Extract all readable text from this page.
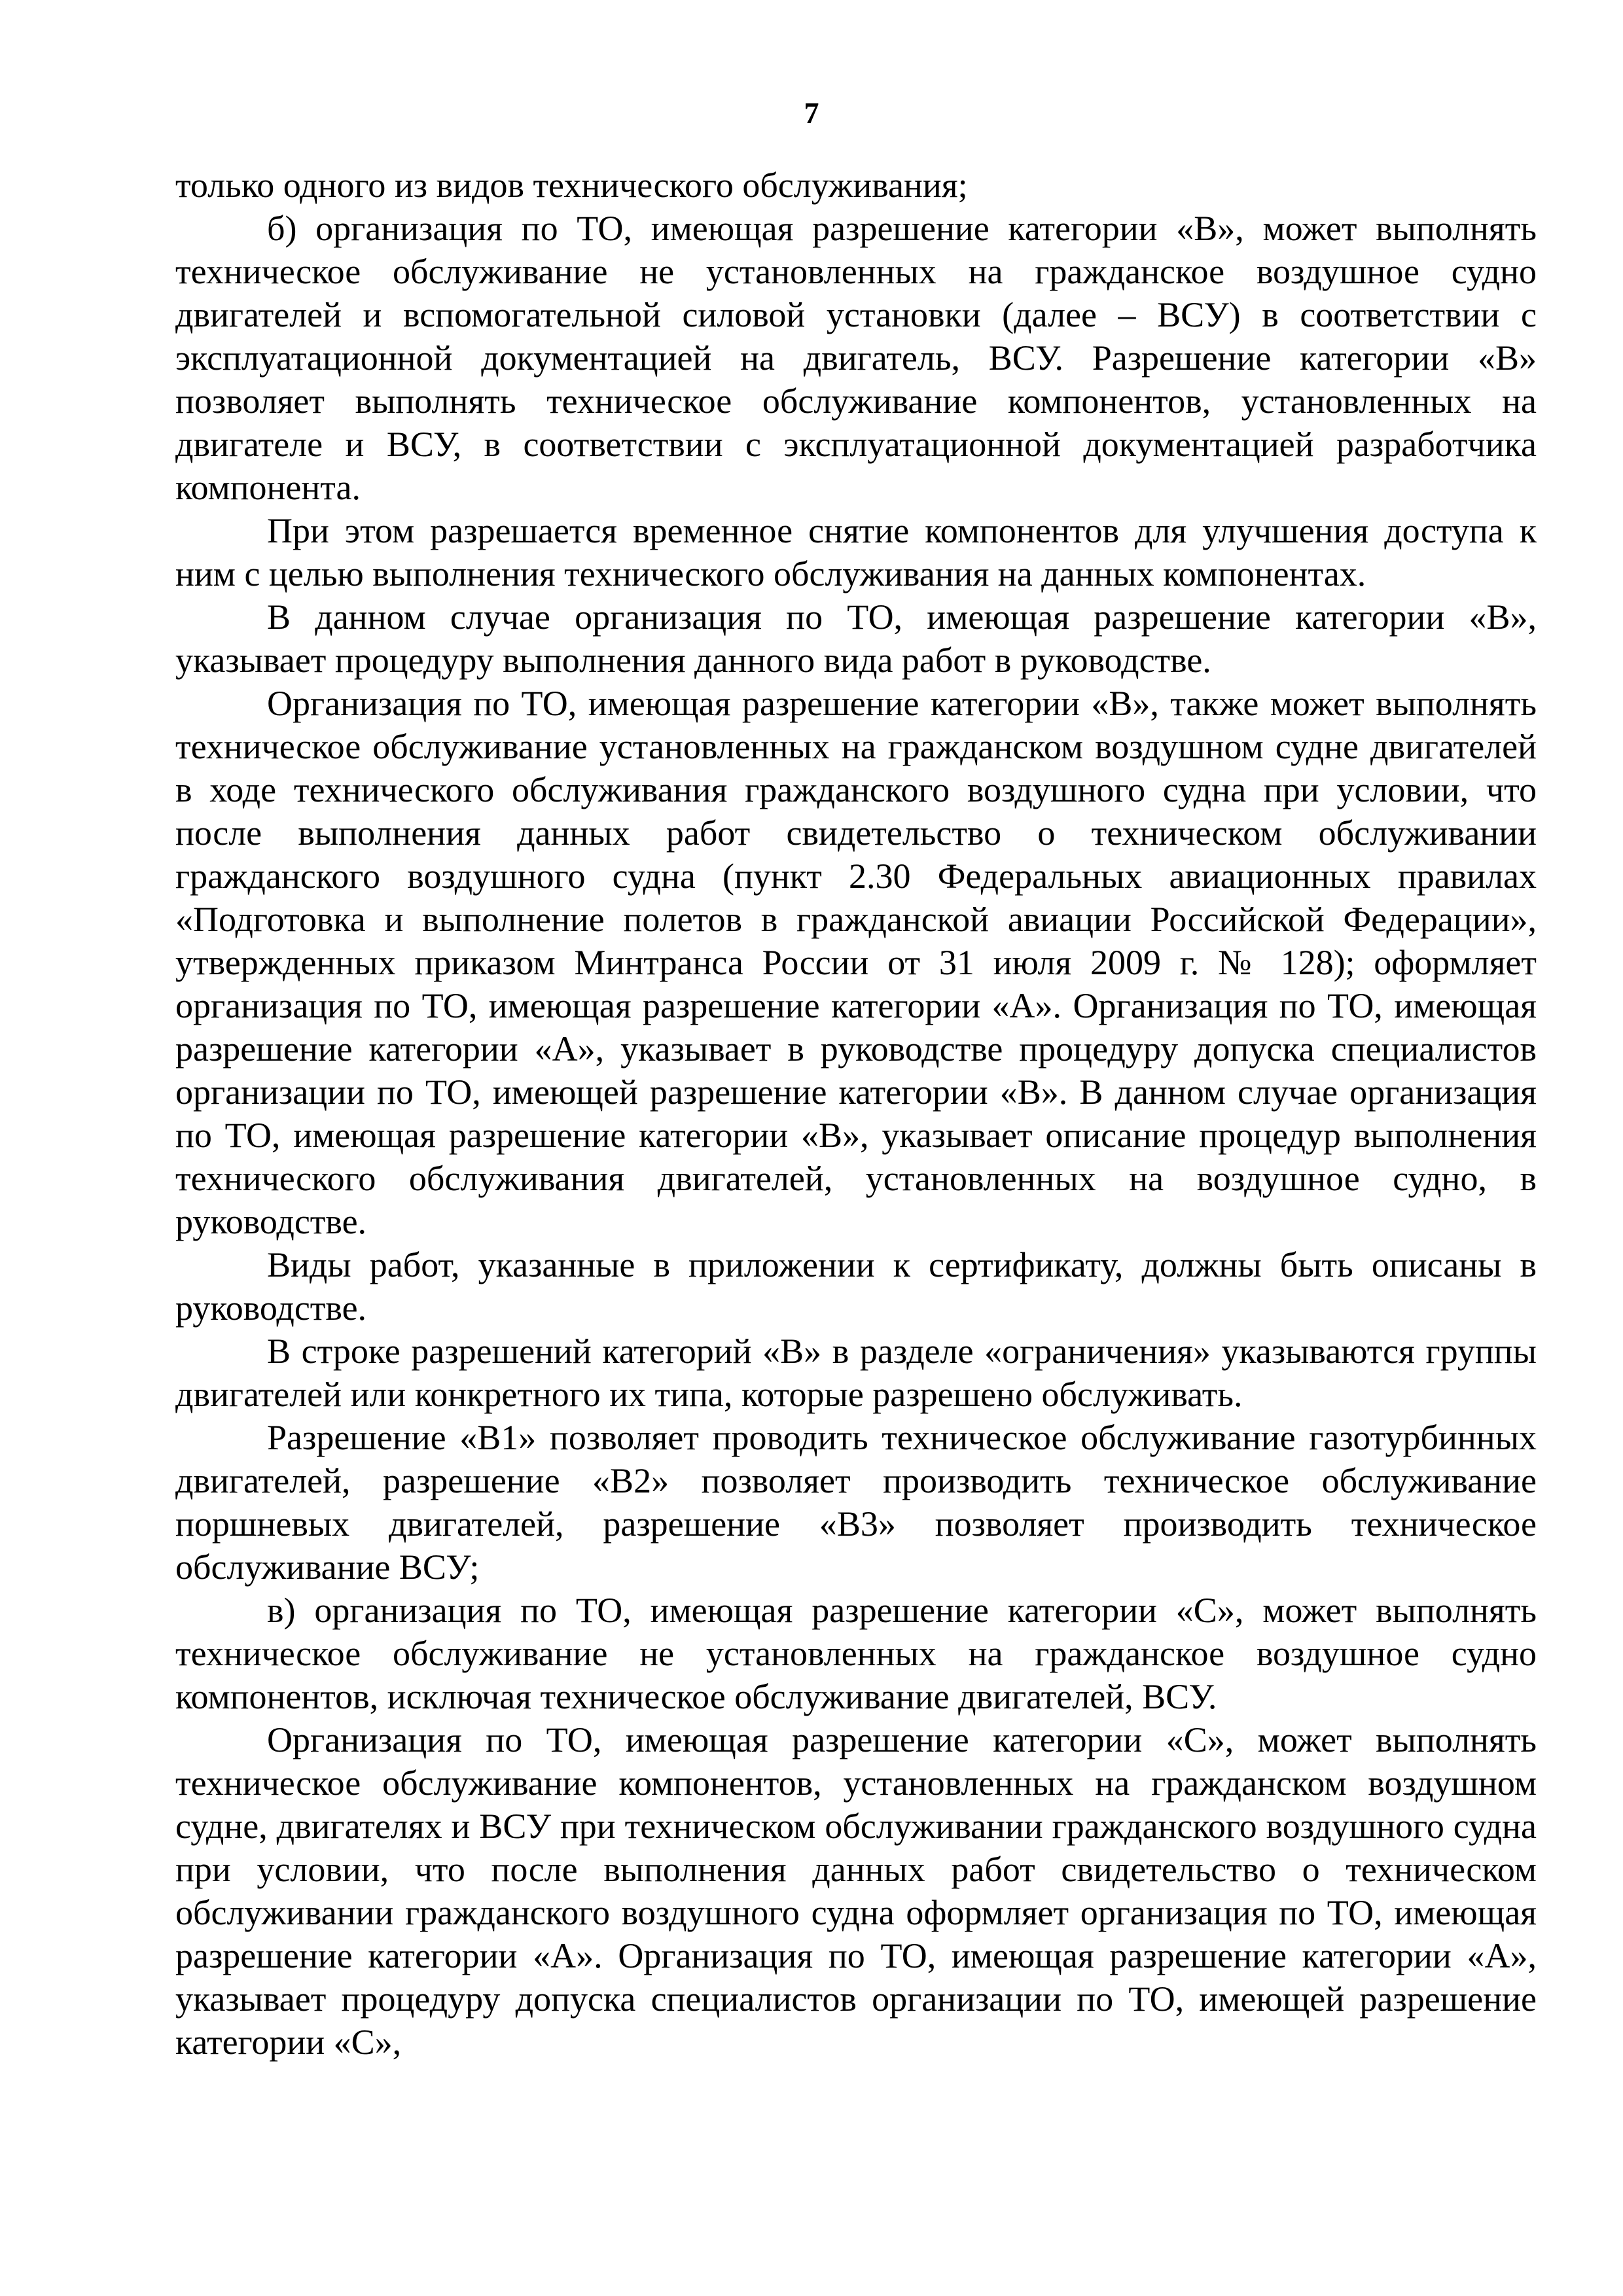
7

только одного из видов технического обслуживания;

б) организация по ТО, имеющая разрешение категории «В», может выполнять техническое обслуживание не установленных на гражданское воздушное судно двигателей и вспомогательной силовой установки (далее – ВСУ) в соответствии с эксплуатационной документацией на двигатель, ВСУ. Разрешение категории «В» позволяет выполнять техническое обслуживание компонентов, установленных на двигателе и ВСУ, в соответствии с эксплуатационной документацией разработчика компонента.

При этом разрешается временное снятие компонентов для улучшения доступа к ним с целью выполнения технического обслуживания на данных компонентах.

В данном случае организация по ТО, имеющая разрешение категории «В», указывает процедуру выполнения данного вида работ в руководстве.

Организация по ТО, имеющая разрешение категории «В», также может выполнять техническое обслуживание установленных на гражданском воздушном судне двигателей в ходе технического обслуживания гражданского воздушного судна при условии, что после выполнения данных работ свидетельство о техническом обслуживании гражданского воздушного судна (пункт 2.30 Федеральных авиационных правилах «Подготовка и выполнение полетов в гражданской авиации Российской Федерации», утвержденных приказом Минтранса России от 31 июля 2009 г. № 128); оформляет организация по ТО, имеющая разрешение категории «А». Организация по ТО, имеющая разрешение категории «А», указывает в руководстве процедуру допуска специалистов организации по ТО, имеющей разрешение категории «В». В данном случае организация по ТО, имеющая разрешение категории «В», указывает описание процедур выполнения технического обслуживания двигателей, установленных на воздушное судно, в руководстве.

Виды работ, указанные в приложении к сертификату, должны быть описаны в руководстве.

В строке разрешений категорий «В» в разделе «ограничения» указываются группы двигателей или конкретного их типа, которые разрешено обслуживать.

Разрешение «В1» позволяет проводить техническое обслуживание газотурбинных двигателей, разрешение «В2» позволяет производить техническое обслуживание поршневых двигателей, разрешение «В3» позволяет производить техническое обслуживание ВСУ;

в) организация по ТО, имеющая разрешение категории «С», может выполнять техническое обслуживание не установленных на гражданское воздушное судно компонентов, исключая техническое обслуживание двигателей, ВСУ.

Организация по ТО, имеющая разрешение категории «С», может выполнять техническое обслуживание компонентов, установленных на гражданском воздушном судне, двигателях и ВСУ при техническом обслуживании гражданского воздушного судна при условии, что после выполнения данных работ свидетельство о техническом обслуживании гражданского воздушного судна оформляет организация по ТО, имеющая разрешение категории «А». Организация по ТО, имеющая разрешение категории «А», указывает процедуру допуска специалистов организации по ТО, имеющей разрешение категории «С»,
